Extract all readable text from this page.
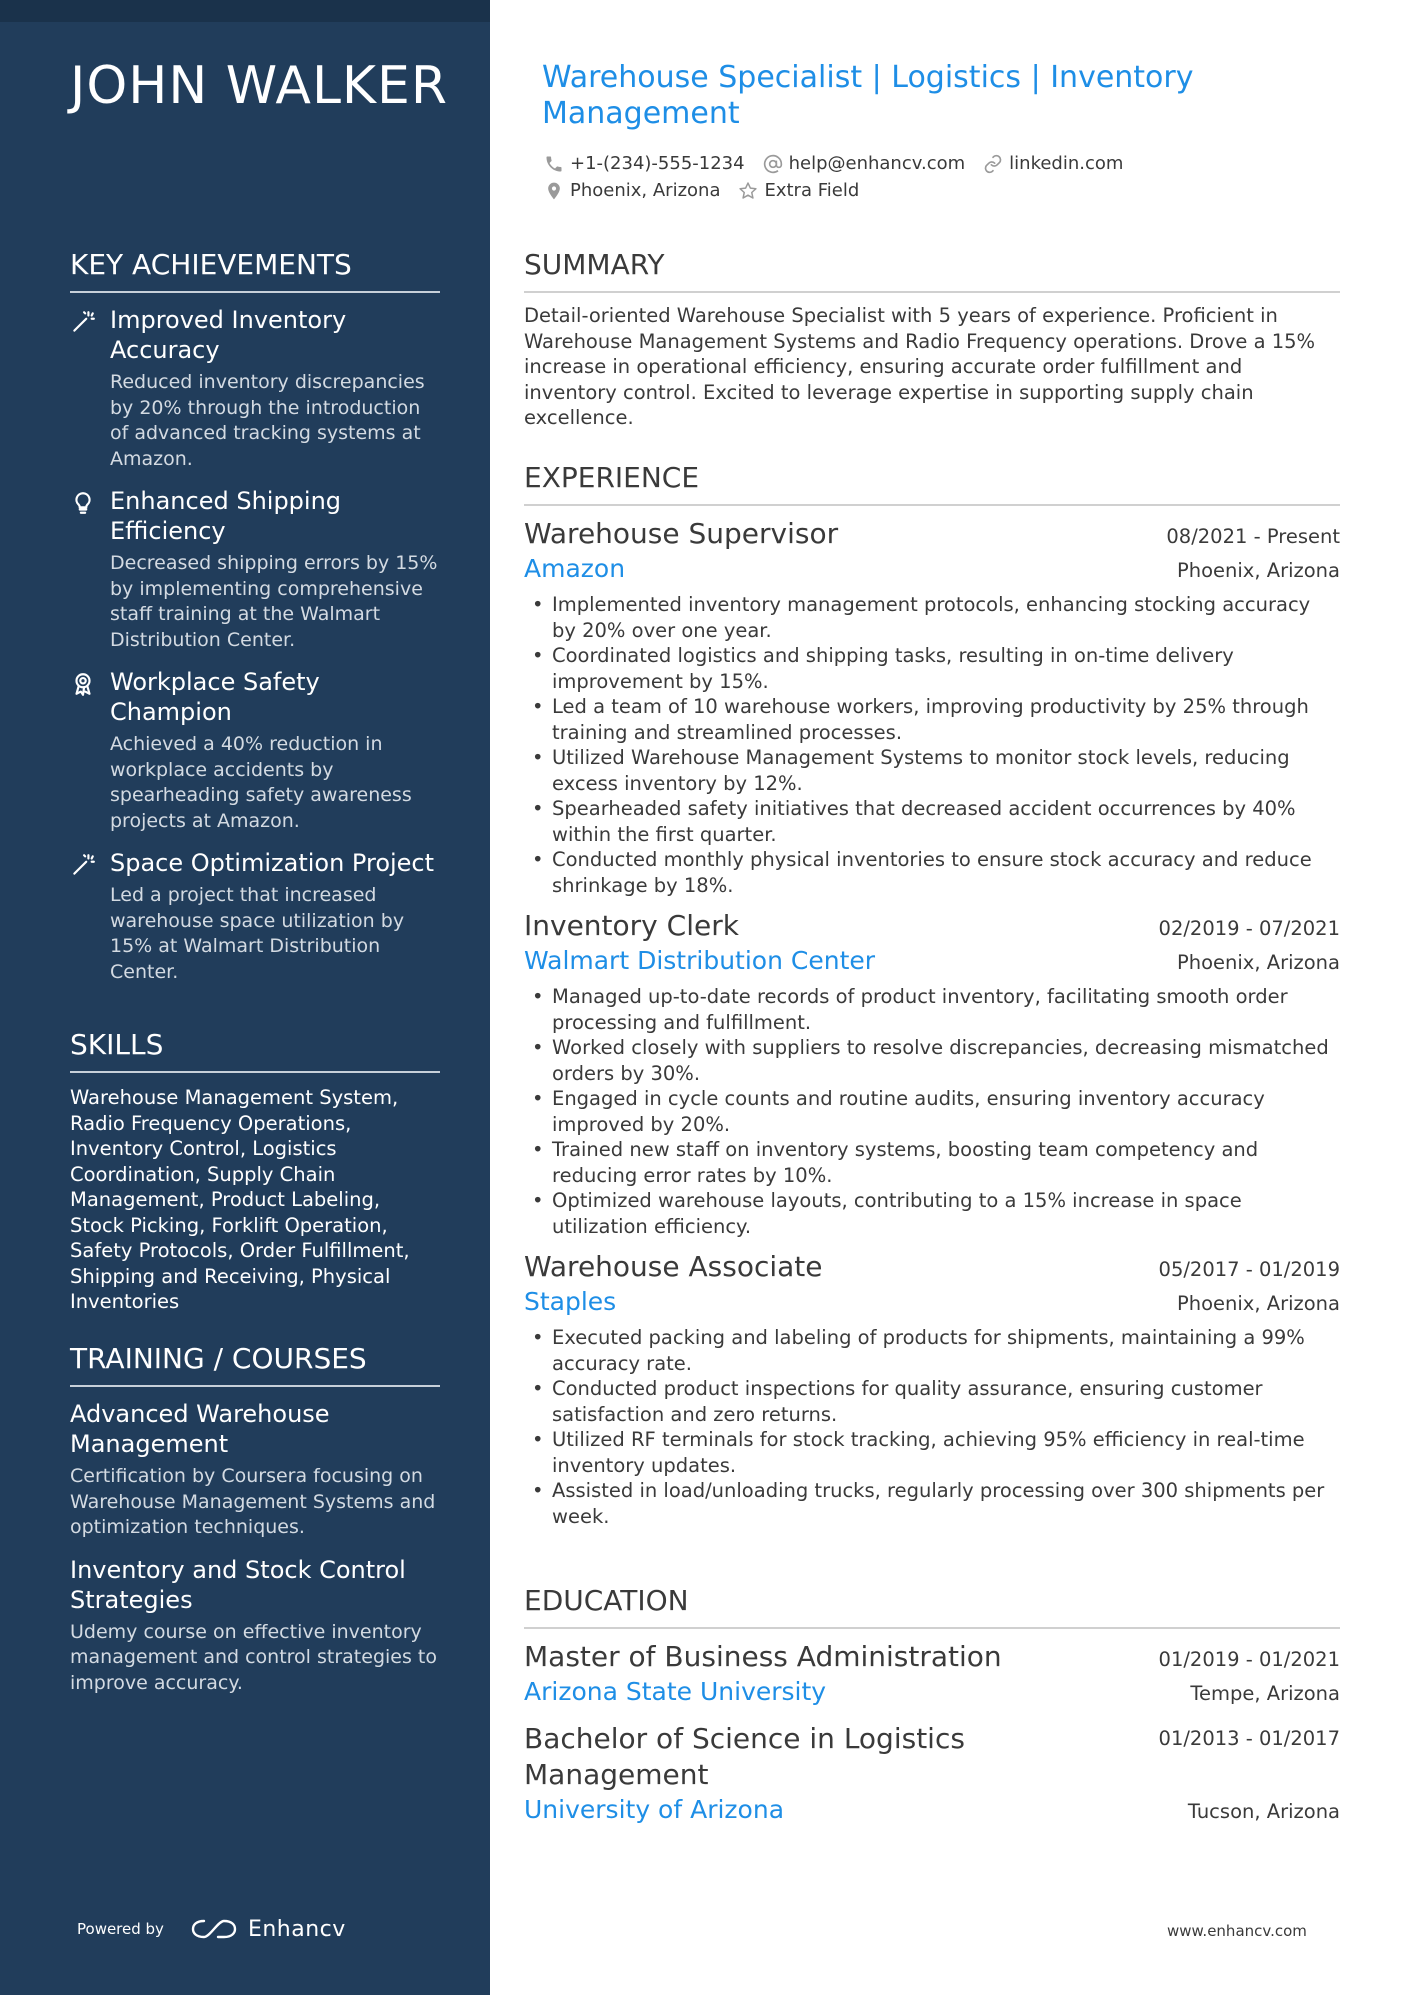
JOHN WALKER
KEY ACHIEVEMENTS
Improved Inventory Accuracy
Reduced inventory discrepancies by 20% through the introduction of advanced tracking systems at Amazon.
Enhanced Shipping Efficiency
Decreased shipping errors by 15% by implementing comprehensive staff training at the Walmart Distribution Center.
Workplace Safety Champion
Achieved a 40% reduction in workplace accidents by spearheading safety awareness projects at Amazon.
Space Optimization Project
Led a project that increased warehouse space utilization by 15% at Walmart Distribution Center.
SKILLS
Warehouse Management System, Radio Frequency Operations, Inventory Control, Logistics Coordination, Supply Chain Management, Product Labeling, Stock Picking, Forklift Operation, Safety Protocols, Order Fulfillment, Shipping and Receiving, Physical Inventories
TRAINING / COURSES
Advanced Warehouse Management
Certification by Coursera focusing on Warehouse Management Systems and optimization techniques.
Inventory and Stock Control Strategies
Udemy course on effective inventory management and control strategies to improve accuracy.
Powered by	Enhancv
Warehouse Specialist | Logistics | Inventory Management
+1-(234)-555-1234 help@enhancv.com linkedin.com
Phoenix, Arizona Extra Field
SUMMARY
Detail-oriented Warehouse Specialist with 5 years of experience. Proficient in Warehouse Management Systems and Radio Frequency operations. Drove a 15% increase in operational efficiency, ensuring accurate order fulfillment and inventory control. Excited to leverage expertise in supporting supply chain excellence.
EXPERIENCE
Warehouse Supervisor	08/2021 - Present
Amazon	Phoenix, Arizona
• Implemented inventory management protocols, enhancing stocking accuracy by 20% over one year.
• Coordinated logistics and shipping tasks, resulting in on-time delivery improvement by 15%.
• Led a team of 10 warehouse workers, improving productivity by 25% through training and streamlined processes.
• Utilized Warehouse Management Systems to monitor stock levels, reducing excess inventory by 12%.
• Spearheaded safety initiatives that decreased accident occurrences by 40% within the first quarter.
• Conducted monthly physical inventories to ensure stock accuracy and reduce shrinkage by 18%.
Inventory Clerk	02/2019 - 07/2021
Walmart Distribution Center	Phoenix, Arizona
• Managed up-to-date records of product inventory, facilitating smooth order processing and fulfillment.
• Worked closely with suppliers to resolve discrepancies, decreasing mismatched orders by 30%.
• Engaged in cycle counts and routine audits, ensuring inventory accuracy improved by 20%.
• Trained new staff on inventory systems, boosting team competency and reducing error rates by 10%.
• Optimized warehouse layouts, contributing to a 15% increase in space utilization efficiency.
Warehouse Associate	05/2017 - 01/2019
Staples	Phoenix, Arizona
• Executed packing and labeling of products for shipments, maintaining a 99% accuracy rate.
• Conducted product inspections for quality assurance, ensuring customer satisfaction and zero returns.
• Utilized RF terminals for stock tracking, achieving 95% efficiency in real-time inventory updates.
• Assisted in load/unloading trucks, regularly processing over 300 shipments per week.
EDUCATION
Master of Business Administration	01/2019 - 01/2021
Arizona State University	Tempe, Arizona
Bachelor of Science in Logistics Management
01/2013 - 01/2017
University of Arizona	Tucson, Arizona
www.enhancv.com
